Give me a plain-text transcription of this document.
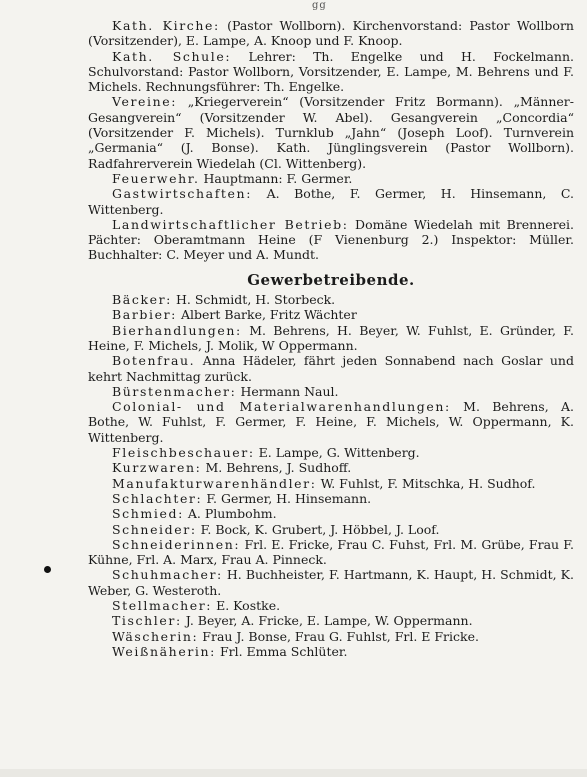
gg

Kath. Kirche: (Pastor Wollborn). Kirchenvorstand: Pastor Wollborn (Vorsitzender), E. Lampe, A. Knoop und F. Knoop.

Kath. Schule: Lehrer: Th. Engelke und H. Fockelmann. Schulvorstand: Pastor Wollborn, Vorsitzender, E. Lampe, M. Behrens und F. Michels. Rechnungsführer: Th. Engelke.

Vereine: „Kriegerverein“ (Vorsitzender Fritz Bormann). „Männer-Gesangverein“ (Vorsitzender W. Abel). Gesangverein „Concordia“ (Vorsitzender F. Michels). Turnklub „Jahn“ (Joseph Loof). Turnverein „Germania“ (J. Bonse). Kath. Jünglingsverein (Pastor Wollborn). Radfahrerverein Wiedelah (Cl. Wittenberg).

Feuerwehr. Hauptmann: F. Germer.

Gastwirtschaften: A. Bothe, F. Germer, H. Hinsemann, C. Wittenberg.

Landwirtschaftlicher Betrieb: Domäne Wiedelah mit Brennerei. Pächter: Oberamtmann Heine (F Vienenburg 2.) Inspektor: Müller. Buchhalter: C. Meyer und A. Mundt.

Gewerbetreibende.

Bäcker: H. Schmidt, H. Storbeck.

Barbier: Albert Barke, Fritz Wächter

Bierhandlungen: M. Behrens, H. Beyer, W. Fuhlst, E. Gründer, F. Heine, F. Michels, J. Molik, W Oppermann.

Botenfrau. Anna Hädeler, fährt jeden Sonnabend nach Goslar und kehrt Nachmittag zurück.

Bürstenmacher: Hermann Naul.

Colonial- und Materialwarenhandlungen: M. Behrens, A. Bothe, W. Fuhlst, F. Germer, F. Heine, F. Michels, W. Oppermann, K. Wittenberg.

Fleischbeschauer: E. Lampe, G. Wittenberg.

Kurzwaren: M. Behrens, J. Sudhoff.

Manufakturwarenhändler: W. Fuhlst, F. Mitschka, H. Sudhof.

Schlachter: F. Germer, H. Hinsemann.

Schmied: A. Plumbohm.

Schneider: F. Bock, K. Grubert, J. Höbbel, J. Loof.

Schneiderinnen: Frl. E. Fricke, Frau C. Fuhst, Frl. M. Grübe, Frau F. Kühne, Frl. A. Marx, Frau A. Pinneck.

Schuhmacher: H. Buchheister, F. Hartmann, K. Haupt, H. Schmidt, K. Weber, G. Westeroth.

Stellmacher: E. Kostke.

Tischler: J. Beyer, A. Fricke, E. Lampe, W. Oppermann.

Wäscherin: Frau J. Bonse, Frau G. Fuhlst, Frl. E Fricke.

Weißnäherin: Frl. Emma Schlüter.
